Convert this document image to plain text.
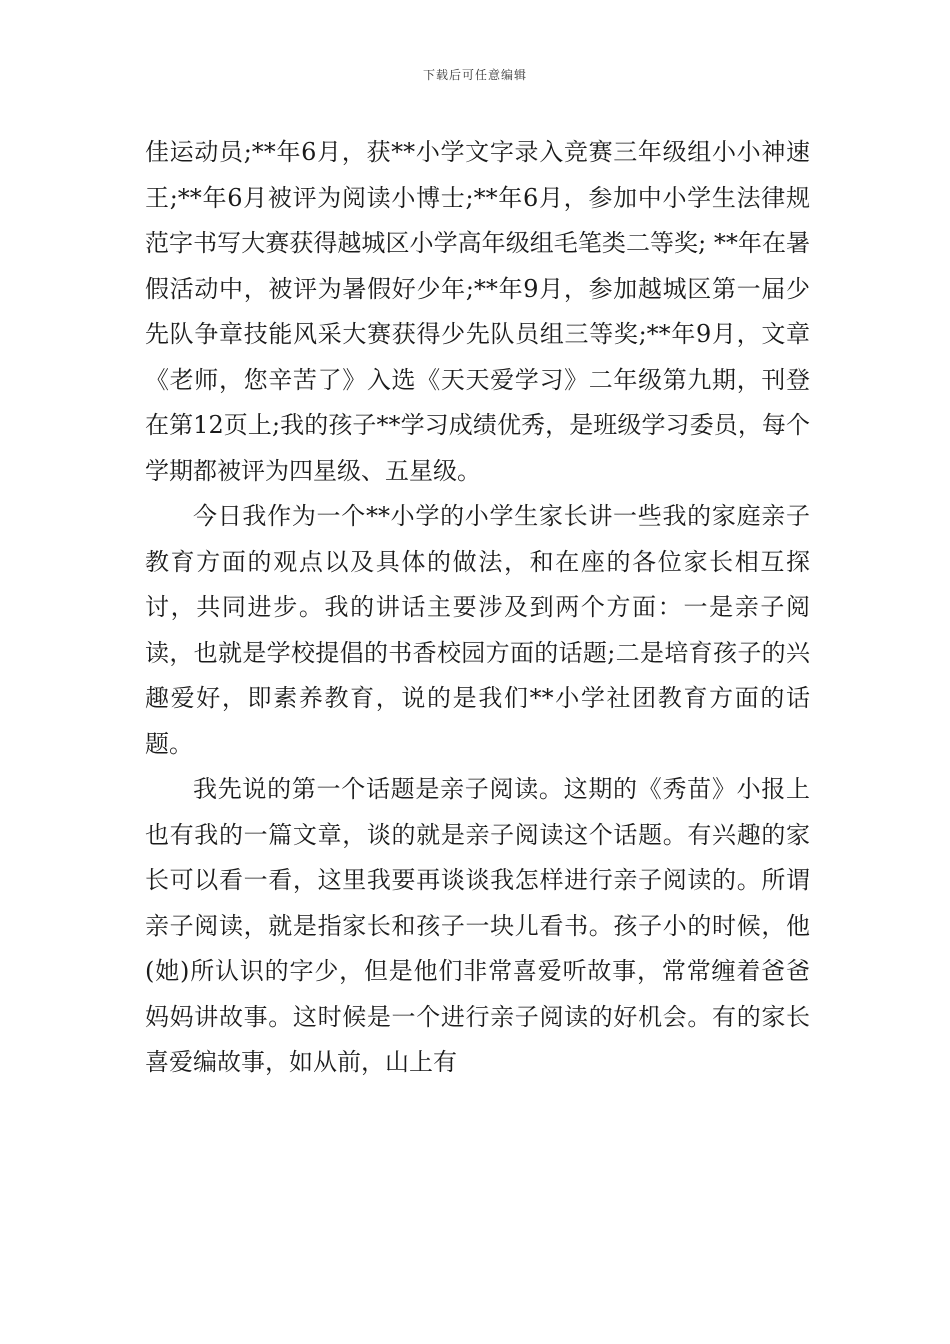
下载后可任意编辑

佳运动员;**年6月，获**小学文字录入竞赛三年级组小小神速王;**年6月被评为阅读小博士;**年6月，参加中小学生法律规范字书写大赛获得越城区小学高年级组毛笔类二等奖; **年在暑假活动中，被评为暑假好少年;**年9月，参加越城区第一届少先队争章技能风采大赛获得少先队员组三等奖;**年9月，文章《老师，您辛苦了》入选《天天爱学习》二年级第九期，刊登在第12页上;我的孩子**学习成绩优秀，是班级学习委员，每个学期都被评为四星级、五星级。

今日我作为一个**小学的小学生家长讲一些我的家庭亲子教育方面的观点以及具体的做法，和在座的各位家长相互探讨，共同进步。我的讲话主要涉及到两个方面：一是亲子阅读，也就是学校提倡的书香校园方面的话题;二是培育孩子的兴趣爱好，即素养教育，说的是我们**小学社团教育方面的话题。

我先说的第一个话题是亲子阅读。这期的《秀苗》小报上也有我的一篇文章，谈的就是亲子阅读这个话题。有兴趣的家长可以看一看，这里我要再谈谈我怎样进行亲子阅读的。所谓亲子阅读，就是指家长和孩子一块儿看书。孩子小的时候，他(她)所认识的字少，但是他们非常喜爱听故事，常常缠着爸爸妈妈讲故事。这时候是一个进行亲子阅读的好机会。有的家长喜爱编故事，如从前，山上有
